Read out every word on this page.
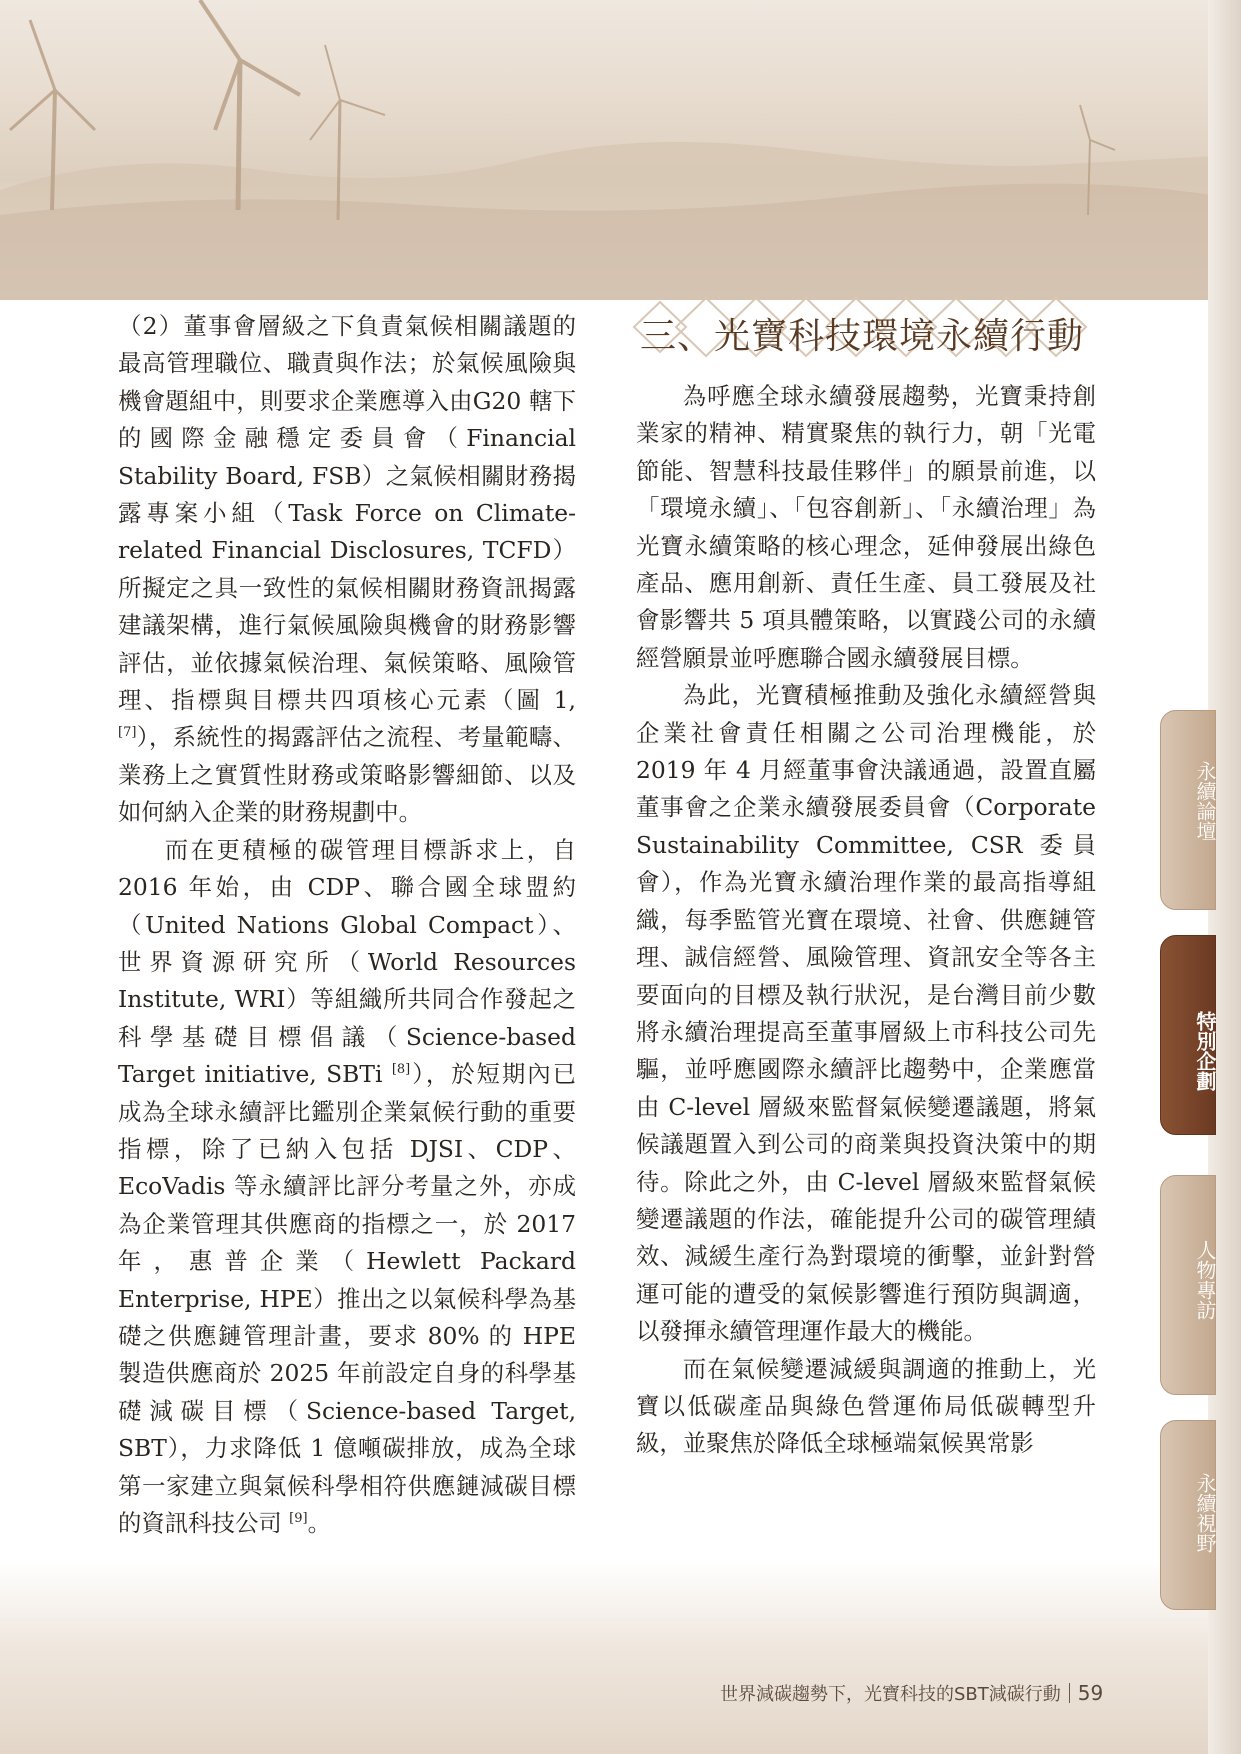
（2）董事會層級之下負責氣候相關議題的最高管理職位、職責與作法；於氣候風險與機會題組中，則要求企業應導入由G20 轄下的國際金融穩定委員會（Financial Stability Board, FSB）之氣候相關財務揭露專案小組（Task Force on Climate-related Financial Disclosures, TCFD）所擬定之具一致性的氣候相關財務資訊揭露建議架構，進行氣候風險與機會的財務影響評估，並依據氣候治理、氣候策略、風險管理、指標與目標共四項核心元素（圖 1, [7]），系統性的揭露評估之流程、考量範疇、業務上之實質性財務或策略影響細節、以及如何納入企業的財務規劃中。

而在更積極的碳管理目標訴求上，自 2016 年始，由 CDP、聯合國全球盟約（United Nations Global Compact）、世界資源研究所（World Resources Institute, WRI）等組織所共同合作發起之科學基礎目標倡議（Science-based Target initiative, SBTi [8]），於短期內已成為全球永續評比鑑別企業氣候行動的重要指標，除了已納入包括 DJSI、CDP、EcoVadis 等永續評比評分考量之外，亦成為企業管理其供應商的指標之一，於 2017 年，惠普企業（Hewlett Packard Enterprise, HPE）推出之以氣候科學為基礎之供應鏈管理計畫，要求 80% 的 HPE 製造供應商於 2025 年前設定自身的科學基礎減碳目標（Science-based Target, SBT），力求降低 1 億噸碳排放，成為全球第一家建立與氣候科學相符供應鏈減碳目標的資訊科技公司 [9]。

三、光寶科技環境永續行動

為呼應全球永續發展趨勢，光寶秉持創業家的精神、精實聚焦的執行力，朝「光電節能、智慧科技最佳夥伴」的願景前進，以「環境永續」、「包容創新」、「永續治理」為光寶永續策略的核心理念，延伸發展出綠色產品、應用創新、責任生產、員工發展及社會影響共 5 項具體策略，以實踐公司的永續經營願景並呼應聯合國永續發展目標。

為此，光寶積極推動及強化永續經營與企業社會責任相關之公司治理機能，於 2019 年 4 月經董事會決議通過，設置直屬董事會之企業永續發展委員會（Corporate Sustainability Committee, CSR 委員會），作為光寶永續治理作業的最高指導組織，每季監管光寶在環境、社會、供應鏈管理、誠信經營、風險管理、資訊安全等各主要面向的目標及執行狀況，是台灣目前少數將永續治理提高至董事層級上市科技公司先驅，並呼應國際永續評比趨勢中，企業應當由 C-level 層級來監督氣候變遷議題，將氣候議題置入到公司的商業與投資決策中的期待。除此之外，由 C-level 層級來監督氣候變遷議題的作法，確能提升公司的碳管理績效、減緩生產行為對環境的衝擊，並針對營運可能的遭受的氣候影響進行預防與調適，以發揮永續管理運作最大的機能。

而在氣候變遷減緩與調適的推動上，光寶以低碳產品與綠色營運佈局低碳轉型升級，並聚焦於降低全球極端氣候異常影

永續論壇
特別企劃
人物專訪
永續視野
世界減碳趨勢下，光寶科技的SBT減碳行動 59
